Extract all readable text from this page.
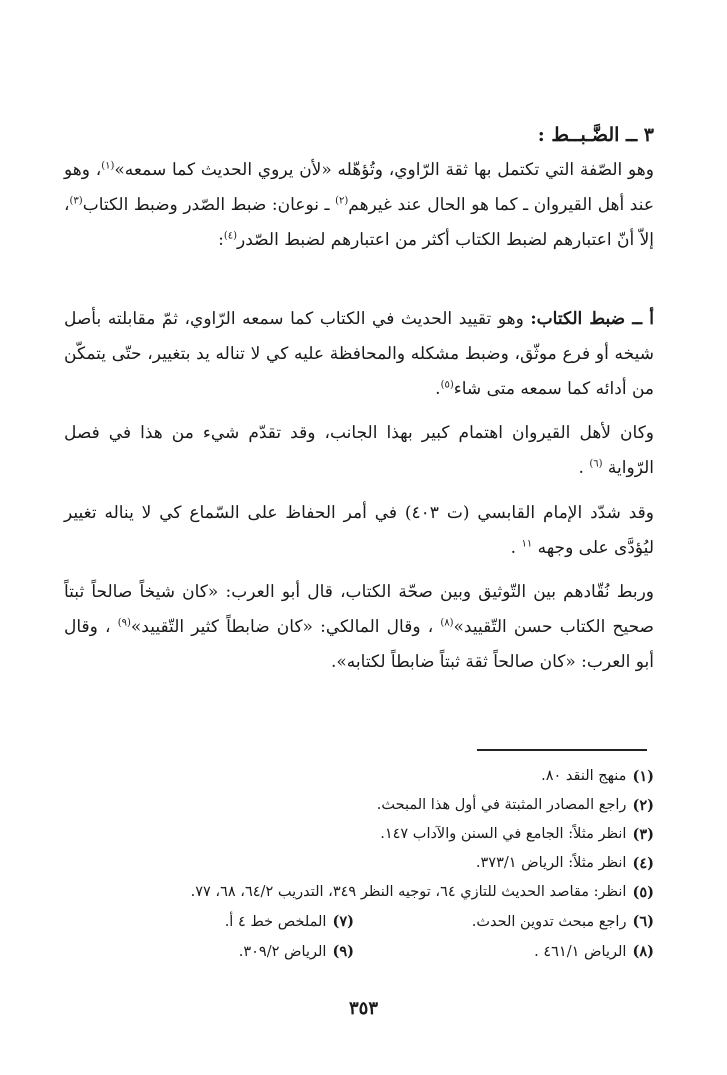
٣ ــ الضَّـبــط :
وهو الصّفة التي تكتمل بها ثقة الرّاوي، وتُؤهّله «لأن يروي الحديث كما سمعه»$^{(١)}$، وهو عند أهل القيروان ـ كما هو الحال عند غيرهم$^{(٢)}$ ـ نوعان: ضبط الصّدر وضبط الكتاب$^{(٣)}$، إلاّ أنّ اعتبارهم لضبط الكتاب أكثر من اعتبارهم لضبط الصّدر$^{(٤)}$:
أ ــ ضبط الكتاب: وهو تقييد الحديث في الكتاب كما سمعه الرّاوي، ثمّ مقابلته بأصل شيخه أو فرع موثّق، وضبط مشكله والمحافظة عليه كي لا تناله يد بتغيير، حتّى يتمكّن من أدائه كما سمعه متى شاء$^{(٥)}$.
وكان لأهل القيروان اهتمام كبير بهذا الجانب، وقد تقدّم شيء من هذا في فصل الرّواية $^{(٦)}$ .
وقد شدّد الإمام القابسي (ت ٤٠٣) في أمر الحفاظ على السّماع كي لا يناله تغيير ليُؤدَّى على وجهه $^{١١}$ .
وربط نُقّادهم بين التّوثيق وبين صحّة الكتاب، قال أبو العرب: «كان شيخاً صالحاً ثبتاً صحيح الكتاب حسن التّقييد»$^{(٨)}$ ، وقال المالكي: «كان ضابطاً كثير التّقييد»$^{(٩)}$ ، وقال أبو العرب: «كان صالحاً ثقة ثبتاً ضابطاً لكتابه».
(١)
منهج النقد ٨٠.
(٢)
راجع المصادر المثبتة في أول هذا المبحث.
(٣)
انظر مثلاً: الجامع في السنن والآداب ١٤٧.
(٤)
انظر مثلاً: الرياض ٣٧٣/١.
(٥)
انظر: مقاصد الحديث للتازي ٦٤، توجيه النظر ٣٤٩، التدريب ٦٤/٢، ٦٨، ٧٧.
(٦)راجع مبحث تدوين الحدث.
(٧)الملخص خط ٤ أ.
(٨)الرياض ٤٦١/١ .
(٩)الرياض ٣٠٩/٢.
٣٥٣
